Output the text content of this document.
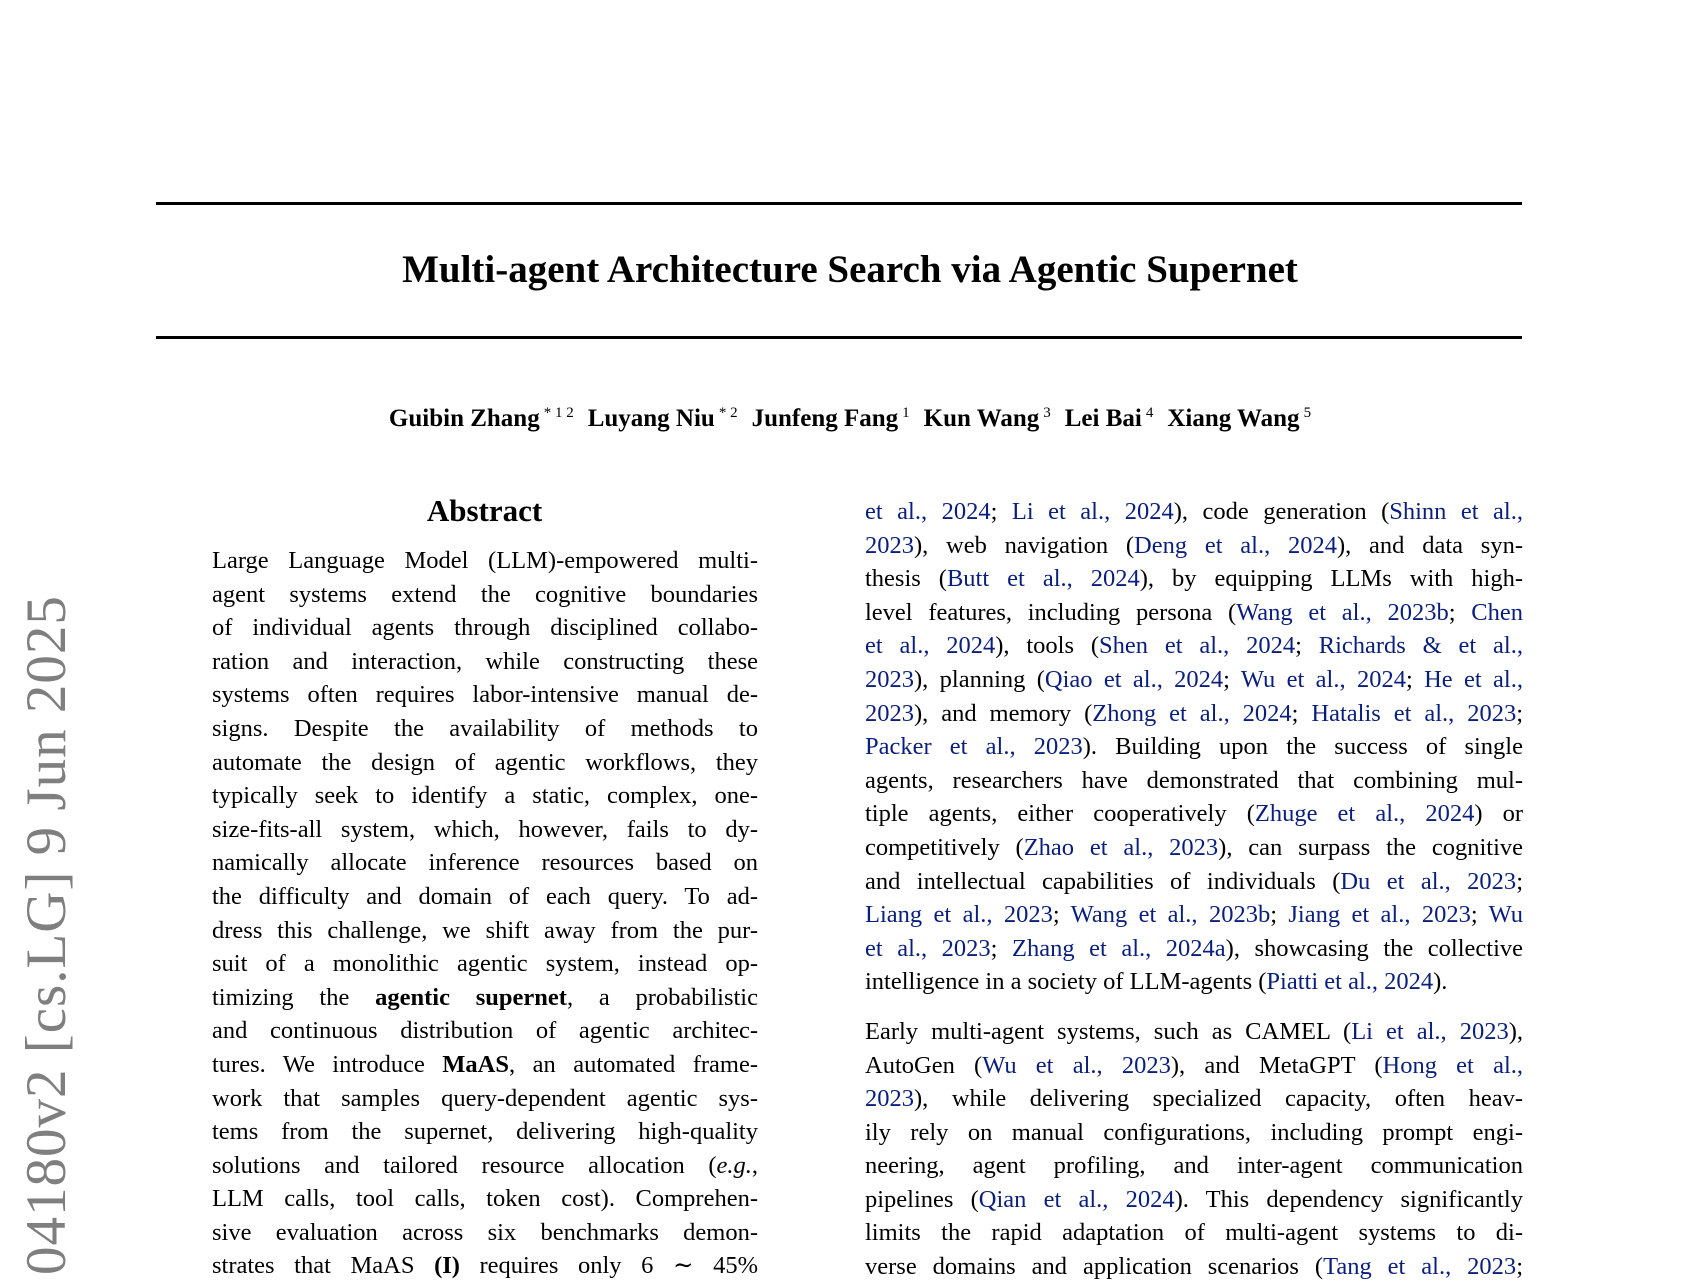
Multi-agent Architecture Search via Agentic Supernet
Guibin Zhang $^{* 1 2}$ Luyang Niu $^{* 2}$ Junfeng Fang $^1$ Kun Wang $^3$ Lei Bai $^4$ Xiang Wang $^5$
04180v2 [cs.LG] 9 Jun 2025
Abstract
Large Language Model (LLM)-empowered multi-
agent systems extend the cognitive boundaries
of individual agents through disciplined collabo-
ration and interaction, while constructing these
systems often requires labor-intensive manual de-
signs. Despite the availability of methods to
automate the design of agentic workflows, they
typically seek to identify a static, complex, one-
size-fits-all system, which, however, fails to dy-
namically allocate inference resources based on
the difficulty and domain of each query. To ad-
dress this challenge, we shift away from the pur-
suit of a monolithic agentic system, instead op-
timizing the agentic supernet, a probabilistic
and continuous distribution of agentic architec-
tures. We introduce MaAS, an automated frame-
work that samples query-dependent agentic sys-
tems from the supernet, delivering high-quality
solutions and tailored resource allocation (e.g.,
LLM calls, tool calls, token cost). Comprehen-
sive evaluation across six benchmarks demon-
strates that MaAS (I) requires only 6 ∼ 45%
et al., 2024; Li et al., 2024), code generation (Shinn et al.,
2023), web navigation (Deng et al., 2024), and data syn-
thesis (Butt et al., 2024), by equipping LLMs with high-
level features, including persona (Wang et al., 2023b; Chen
et al., 2024), tools (Shen et al., 2024; Richards & et al.,
2023), planning (Qiao et al., 2024; Wu et al., 2024; He et al.,
2023), and memory (Zhong et al., 2024; Hatalis et al., 2023;
Packer et al., 2023). Building upon the success of single
agents, researchers have demonstrated that combining mul-
tiple agents, either cooperatively (Zhuge et al., 2024) or
competitively (Zhao et al., 2023), can surpass the cognitive
and intellectual capabilities of individuals (Du et al., 2023;
Liang et al., 2023; Wang et al., 2023b; Jiang et al., 2023; Wu
et al., 2023; Zhang et al., 2024a), showcasing the collective
intelligence in a society of LLM-agents (Piatti et al., 2024).
Early multi-agent systems, such as CAMEL (Li et al., 2023),
AutoGen (Wu et al., 2023), and MetaGPT (Hong et al.,
2023), while delivering specialized capacity, often heav-
ily rely on manual configurations, including prompt engi-
neering, agent profiling, and inter-agent communication
pipelines (Qian et al., 2024). This dependency significantly
limits the rapid adaptation of multi-agent systems to di-
verse domains and application scenarios (Tang et al., 2023;
